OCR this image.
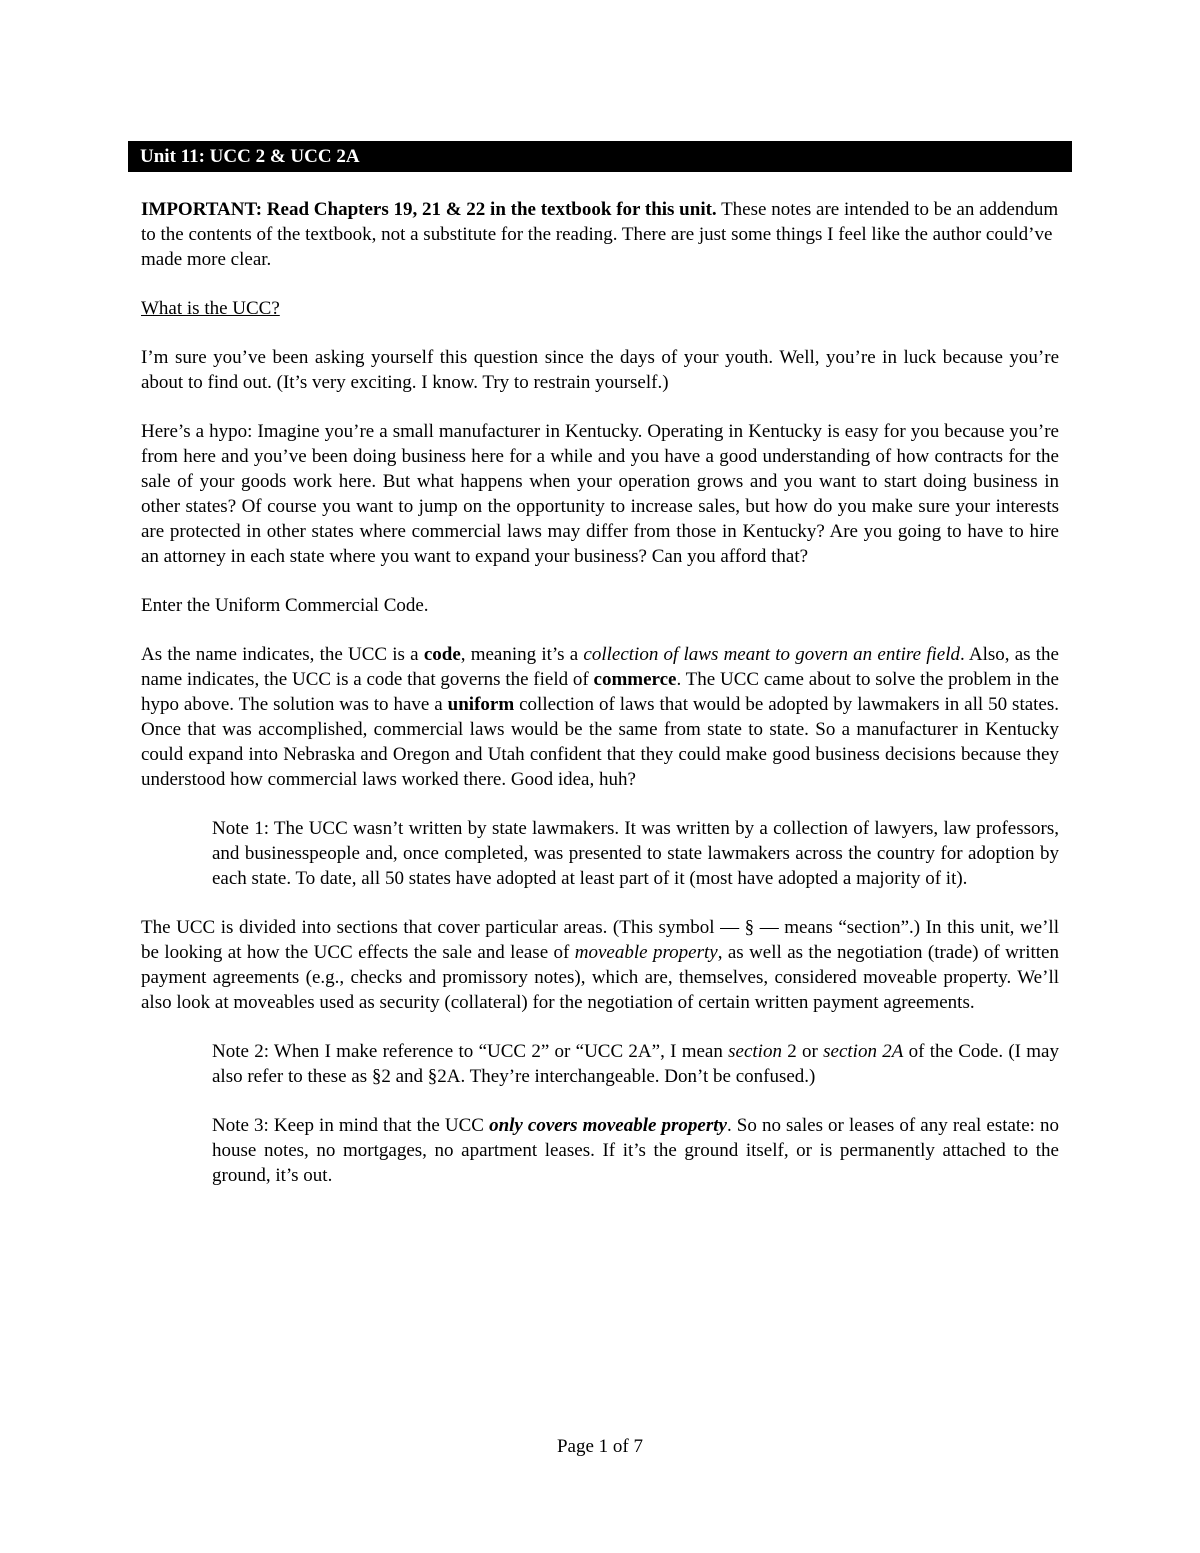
Unit 11: UCC 2 & UCC 2A

IMPORTANT: Read Chapters 19, 21 & 22 in the textbook for this unit. These notes are intended to be an addendum to the contents of the textbook, not a substitute for the reading. There are just some things I feel like the author could’ve made more clear.

What is the UCC?

I’m sure you’ve been asking yourself this question since the days of your youth. Well, you’re in luck because you’re about to find out. (It’s very exciting. I know. Try to restrain yourself.)

Here’s a hypo: Imagine you’re a small manufacturer in Kentucky. Operating in Kentucky is easy for you because you’re from here and you’ve been doing business here for a while and you have a good understanding of how contracts for the sale of your goods work here. But what happens when your operation grows and you want to start doing business in other states? Of course you want to jump on the opportunity to increase sales, but how do you make sure your interests are protected in other states where commercial laws may differ from those in Kentucky? Are you going to have to hire an attorney in each state where you want to expand your business? Can you afford that?

Enter the Uniform Commercial Code.

As the name indicates, the UCC is a code, meaning it’s a collection of laws meant to govern an entire field. Also, as the name indicates, the UCC is a code that governs the field of commerce. The UCC came about to solve the problem in the hypo above. The solution was to have a uniform collection of laws that would be adopted by lawmakers in all 50 states. Once that was accomplished, commercial laws would be the same from state to state. So a manufacturer in Kentucky could expand into Nebraska and Oregon and Utah confident that they could make good business decisions because they understood how commercial laws worked there. Good idea, huh?

Note 1: The UCC wasn’t written by state lawmakers. It was written by a collection of lawyers, law professors, and businesspeople and, once completed, was presented to state lawmakers across the country for adoption by each state. To date, all 50 states have adopted at least part of it (most have adopted a majority of it).

The UCC is divided into sections that cover particular areas. (This symbol — § — means “section”.) In this unit, we’ll be looking at how the UCC effects the sale and lease of moveable property, as well as the negotiation (trade) of written payment agreements (e.g., checks and promissory notes), which are, themselves, considered moveable property. We’ll also look at moveables used as security (collateral) for the negotiation of certain written payment agreements.

Note 2: When I make reference to “UCC 2” or “UCC 2A”, I mean section 2 or section 2A of the Code. (I may also refer to these as §2 and §2A. They’re interchangeable. Don’t be confused.)

Note 3: Keep in mind that the UCC only covers moveable property. So no sales or leases of any real estate: no house notes, no mortgages, no apartment leases. If it’s the ground itself, or is permanently attached to the ground, it’s out.

Page 1 of 7
